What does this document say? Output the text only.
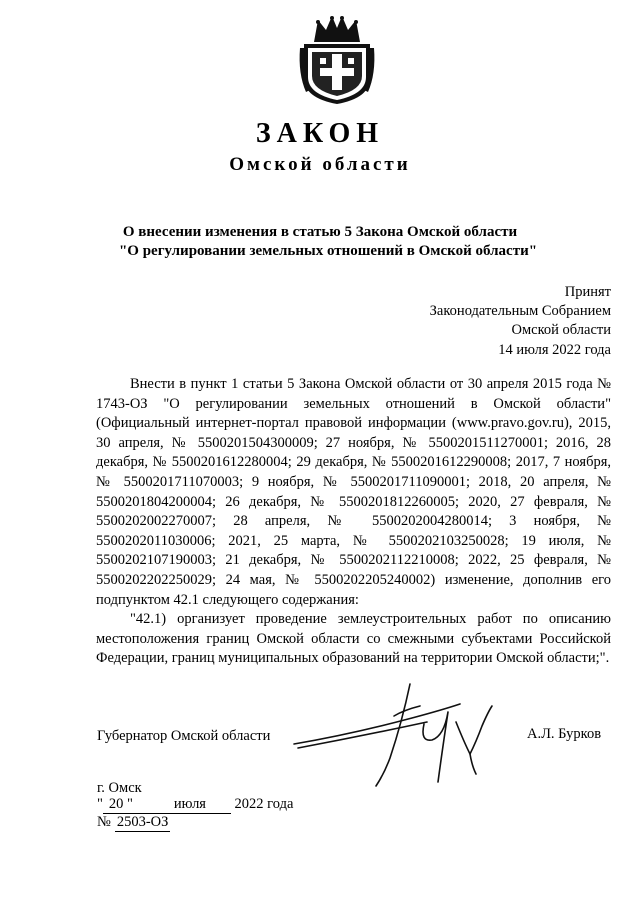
ЗАКОН
Омской области
О внесении изменения в статью 5 Закона Омской области
"О регулировании земельных отношений в Омской области"
Принят
Законодательным Собранием
Омской области
14 июля 2022 года

Внести в пункт 1 статьи 5 Закона Омской области от 30 апреля 2015 года № 1743-ОЗ "О регулировании земельных отношений в Омской области" (Официальный интернет-портал правовой информации (www.pravo.gov.ru), 2015, 30 апреля, № 5500201504300009; 27 ноября, № 5500201511270001; 2016, 28 декабря, № 5500201612280004; 29 декабря, № 5500201612290008; 2017, 7 ноября, № 5500201711070003; 9 ноября, № 5500201711090001; 2018, 20 апреля, № 5500201804200004; 26 декабря, № 5500201812260005; 2020, 27 февраля, № 5500202002270007; 28 апреля, № 5500202004280014; 3 ноября, № 5500202011030006; 2021, 25 марта, № 5500202103250028; 19 июля, № 5500202107190003; 21 декабря, № 5500202112210008; 2022, 25 февраля, № 5500202202250029; 24 мая, № 5500202205240002) изменение, дополнив его подпунктом 42.1 следующего содержания:

"42.1) организует проведение землеустроительных работ по описанию местоположения границ Омской области со смежными субъектами Российской Федерации, границ муниципальных образований на территории Омской области;".

Губернатор Омской области	А.Л. Бурков
г. Омск
" 20 "	июля 2022 года
№ 2503-ОЗ
